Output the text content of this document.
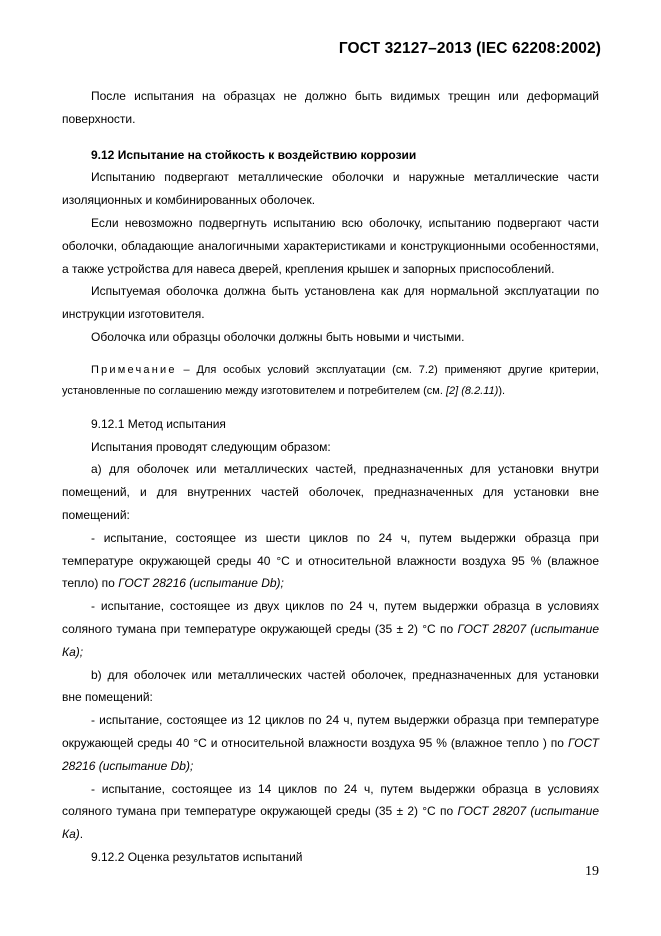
ГОСТ 32127–2013 (IEC 62208:2002)

После испытания на образцах не должно быть видимых трещин или деформаций поверхности.

9.12 Испытание на стойкость к воздействию коррозии

Испытанию подвергают металлические оболочки и наружные металлические части изоляционных и комбинированных оболочек.

Если невозможно подвергнуть испытанию всю оболочку, испытанию подвергают части оболочки, обладающие аналогичными характеристиками и конструкционными особенностями, а также устройства для навеса дверей, крепления крышек и запорных приспособлений.

Испытуемая оболочка должна быть установлена как для нормальной эксплуатации по инструкции изготовителя.

Оболочка или образцы оболочки должны быть новыми и чистыми.

Примечание – Для особых условий эксплуатации (см. 7.2) применяют другие критерии, установленные по соглашению между изготовителем и потребителем (см. [2] (8.2.11)).

9.12.1 Метод испытания

Испытания проводят следующим образом:

а) для оболочек или металлических частей, предназначенных для установки внутри помещений, и для внутренних частей оболочек, предназначенных для установки вне помещений:

- испытание, состоящее из шести циклов по 24 ч, путем выдержки образца при температуре окружающей среды 40 °С и относительной влажности воздуха 95 % (влажное тепло) по ГОСТ 28216 (испытание Db);

- испытание, состоящее из двух циклов по 24 ч, путем выдержки образца в условиях соляного тумана при температуре окружающей среды (35 ± 2) °С по ГОСТ 28207 (испытание Ка);

b) для оболочек или металлических частей оболочек, предназначенных для установки вне помещений:

- испытание, состоящее из 12 циклов по 24 ч, путем выдержки образца при температуре окружающей среды 40 °С и относительной влажности воздуха 95 % (влажное тепло ) по ГОСТ 28216 (испытание Db);

- испытание, состоящее из 14 циклов по 24 ч, путем выдержки образца в условиях соляного тумана при температуре окружающей среды (35 ± 2) °С по ГОСТ 28207 (испытание Ка).

9.12.2 Оценка результатов испытаний

19
